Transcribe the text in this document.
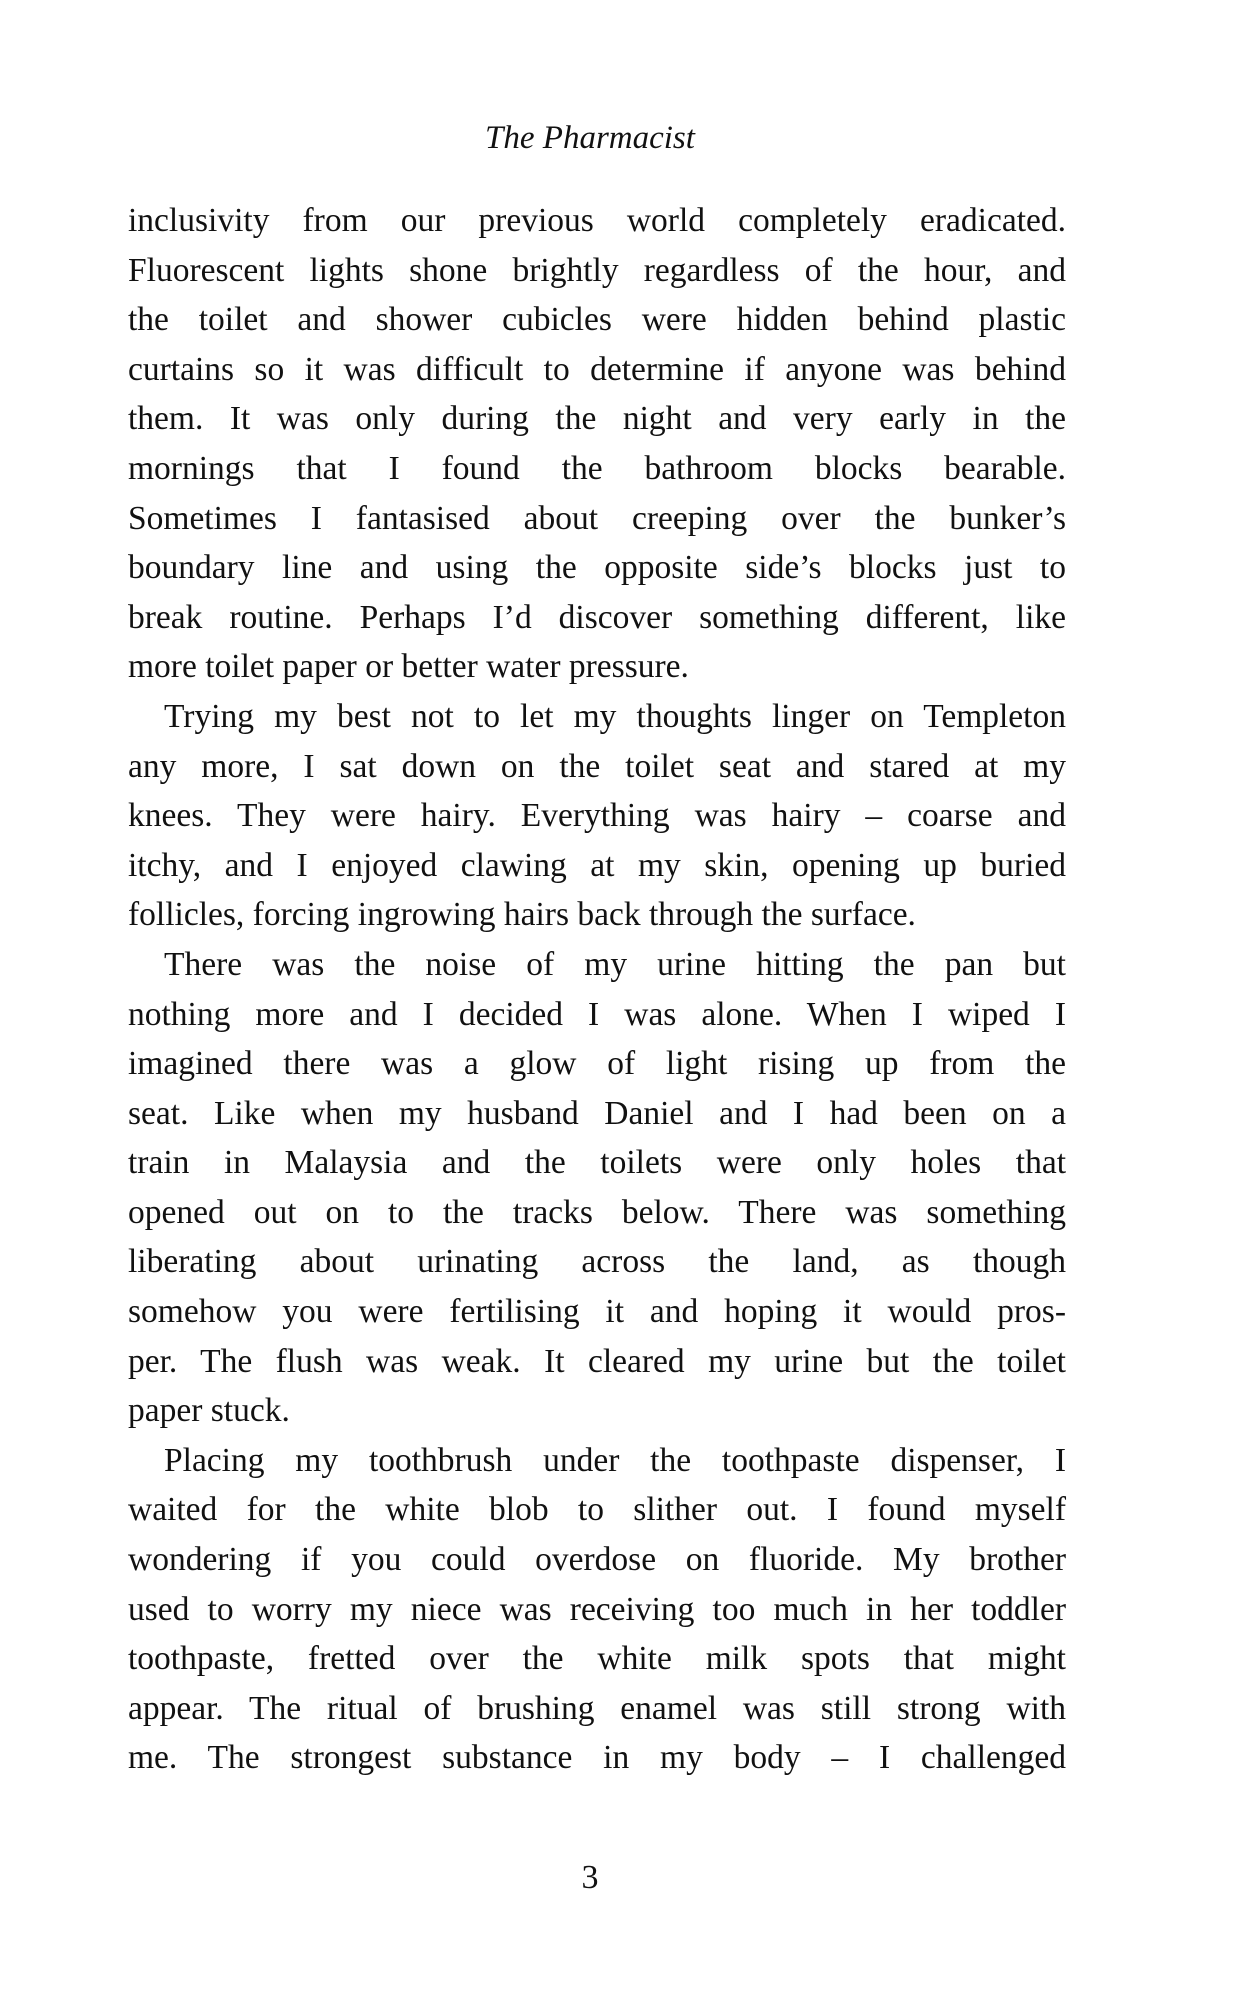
The Pharmacist

inclusivity from our previous world completely eradicated.
Fluorescent lights shone brightly regardless of the hour, and
the toilet and shower cubicles were hidden behind plastic
curtains so it was difficult to determine if anyone was behind
them. It was only during the night and very early in the
mornings that I found the bathroom blocks bearable.
Sometimes I fantasised about creeping over the bunker’s
boundary line and using the opposite side’s blocks just to
break routine. Perhaps I’d discover something different, like
more toilet paper or better water pressure.

Trying my best not to let my thoughts linger on Templeton
any more, I sat down on the toilet seat and stared at my
knees. They were hairy. Everything was hairy – coarse and
itchy, and I enjoyed clawing at my skin, opening up buried
follicles, forcing ingrowing hairs back through the surface.

There was the noise of my urine hitting the pan but
nothing more and I decided I was alone. When I wiped I
imagined there was a glow of light rising up from the
seat. Like when my husband Daniel and I had been on a
train in Malaysia and the toilets were only holes that
opened out on to the tracks below. There was something
liberating about urinating across the land, as though
somehow you were fertilising it and hoping it would pros-
per. The flush was weak. It cleared my urine but the toilet
paper stuck.

Placing my toothbrush under the toothpaste dispenser, I
waited for the white blob to slither out. I found myself
wondering if you could overdose on fluoride. My brother
used to worry my niece was receiving too much in her toddler
toothpaste, fretted over the white milk spots that might
appear. The ritual of brushing enamel was still strong with
me. The strongest substance in my body – I challenged

3
